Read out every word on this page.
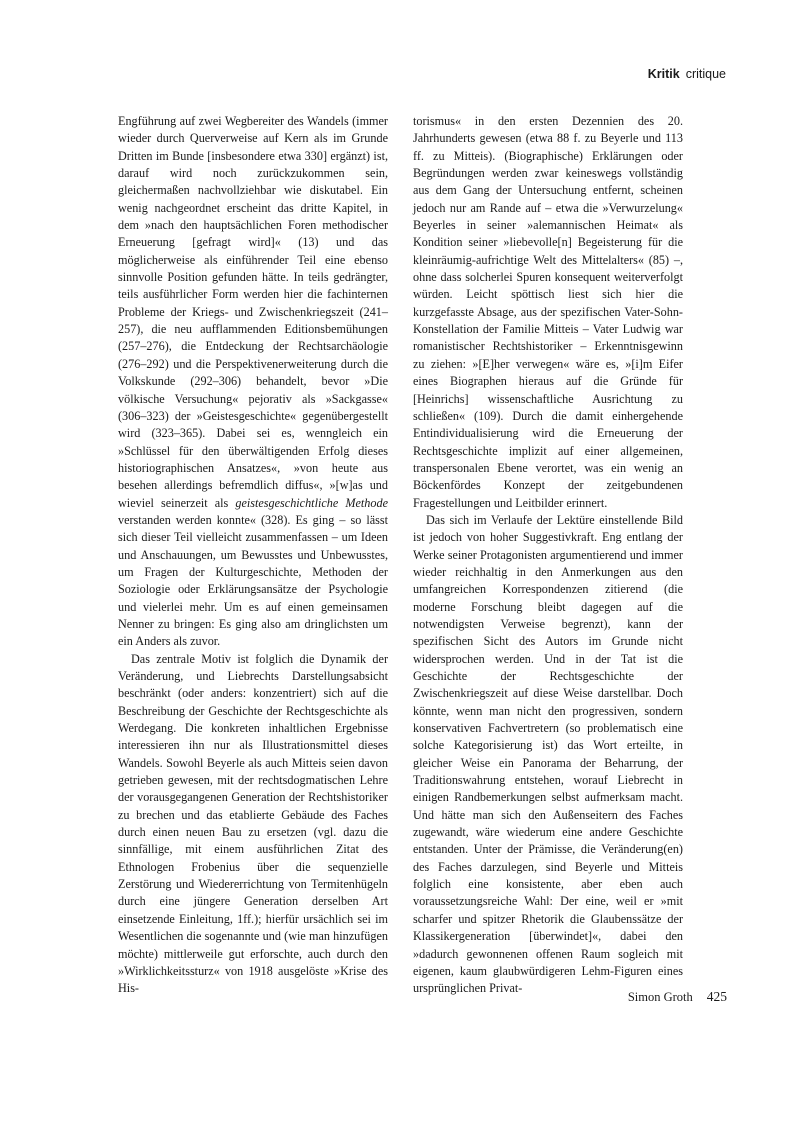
Kritik critique

Engführung auf zwei Wegbereiter des Wandels (immer wieder durch Querverweise auf Kern als im Grunde Dritten im Bunde [insbesondere etwa 330] ergänzt) ist, darauf wird noch zurückzukommen sein, gleichermaßen nachvollziehbar wie diskutabel. Ein wenig nachgeordnet erscheint das dritte Kapitel, in dem »nach den hauptsächlichen Foren methodischer Erneuerung [gefragt wird]« (13) und das möglicherweise als einführender Teil eine ebenso sinnvolle Position gefunden hätte. In teils gedrängter, teils ausführlicher Form werden hier die fachinternen Probleme der Kriegs- und Zwischenkriegszeit (241–257), die neu aufflammenden Editionsbemühungen (257–276), die Entdeckung der Rechtsarchäologie (276–292) und die Perspektivenerweiterung durch die Volkskunde (292–306) behandelt, bevor »Die völkische Versuchung« pejorativ als »Sackgasse« (306–323) der »Geistesgeschichte« gegenübergestellt wird (323–365). Dabei sei es, wenngleich ein »Schlüssel für den überwältigenden Erfolg dieses historiographischen Ansatzes«, »von heute aus besehen allerdings befremdlich diffus«, »[w]as und wieviel seinerzeit als geistesgeschichtliche Methode verstanden werden konnte« (328). Es ging – so lässt sich dieser Teil vielleicht zusammenfassen – um Ideen und Anschauungen, um Bewusstes und Unbewusstes, um Fragen der Kulturgeschichte, Methoden der Soziologie oder Erklärungsansätze der Psychologie und vielerlei mehr. Um es auf einen gemeinsamen Nenner zu bringen: Es ging also am dringlichsten um ein Anders als zuvor.

Das zentrale Motiv ist folglich die Dynamik der Veränderung, und Liebrechts Darstellungsabsicht beschränkt (oder anders: konzentriert) sich auf die Beschreibung der Geschichte der Rechtsgeschichte als Werdegang. Die konkreten inhaltlichen Ergebnisse interessieren ihn nur als Illustrationsmittel dieses Wandels. Sowohl Beyerle als auch Mitteis seien davon getrieben gewesen, mit der rechtsdogmatischen Lehre der vorausgegangenen Generation der Rechtshistoriker zu brechen und das etablierte Gebäude des Faches durch einen neuen Bau zu ersetzen (vgl. dazu die sinnfällige, mit einem ausführlichen Zitat des Ethnologen Frobenius über die sequenzielle Zerstörung und Wiedererrichtung von Termitenhügeln durch eine jüngere Generation derselben Art einsetzende Einleitung, 1ff.); hierfür ursächlich sei im Wesentlichen die sogenannte und (wie man hinzufügen möchte) mittlerweile gut erforschte, auch durch den »Wirklichkeitssturz« von 1918 ausgelöste »Krise des His-

torismus« in den ersten Dezennien des 20. Jahrhunderts gewesen (etwa 88 f. zu Beyerle und 113 ff. zu Mitteis). (Biographische) Erklärungen oder Begründungen werden zwar keineswegs vollständig aus dem Gang der Untersuchung entfernt, scheinen jedoch nur am Rande auf – etwa die »Verwurzelung« Beyerles in seiner »alemannischen Heimat« als Kondition seiner »liebevolle[n] Begeisterung für die kleinräumig-aufrichtige Welt des Mittelalters« (85) –, ohne dass solcherlei Spuren konsequent weiterverfolgt würden. Leicht spöttisch liest sich hier die kurzgefasste Absage, aus der spezifischen Vater-Sohn-Konstellation der Familie Mitteis – Vater Ludwig war romanistischer Rechtshistoriker – Erkenntnisgewinn zu ziehen: »[E]her verwegen« wäre es, »[i]m Eifer eines Biographen hieraus auf die Gründe für [Heinrichs] wissenschaftliche Ausrichtung zu schließen« (109). Durch die damit einhergehende Entindividualisierung wird die Erneuerung der Rechtsgeschichte implizit auf einer allgemeinen, transpersonalen Ebene verortet, was ein wenig an Böckenfördes Konzept der zeitgebundenen Fragestellungen und Leitbilder erinnert.

Das sich im Verlaufe der Lektüre einstellende Bild ist jedoch von hoher Suggestivkraft. Eng entlang der Werke seiner Protagonisten argumentierend und immer wieder reichhaltig in den Anmerkungen aus den umfangreichen Korrespondenzen zitierend (die moderne Forschung bleibt dagegen auf die notwendigsten Verweise begrenzt), kann der spezifischen Sicht des Autors im Grunde nicht widersprochen werden. Und in der Tat ist die Geschichte der Rechtsgeschichte der Zwischenkriegszeit auf diese Weise darstellbar. Doch könnte, wenn man nicht den progressiven, sondern konservativen Fachvertretern (so problematisch eine solche Kategorisierung ist) das Wort erteilte, in gleicher Weise ein Panorama der Beharrung, der Traditionswahrung entstehen, worauf Liebrecht in einigen Randbemerkungen selbst aufmerksam macht. Und hätte man sich den Außenseitern des Faches zugewandt, wäre wiederum eine andere Geschichte entstanden. Unter der Prämisse, die Veränderung(en) des Faches darzulegen, sind Beyerle und Mitteis folglich eine konsistente, aber eben auch voraussetzungsreiche Wahl: Der eine, weil er »mit scharfer und spitzer Rhetorik die Glaubenssätze der Klassikergeneration [überwindet]«, dabei den »dadurch gewonnenen offenen Raum sogleich mit eigenen, kaum glaubwürdigeren Lehm-Figuren eines ursprünglichen Privat-

Simon Groth 425
